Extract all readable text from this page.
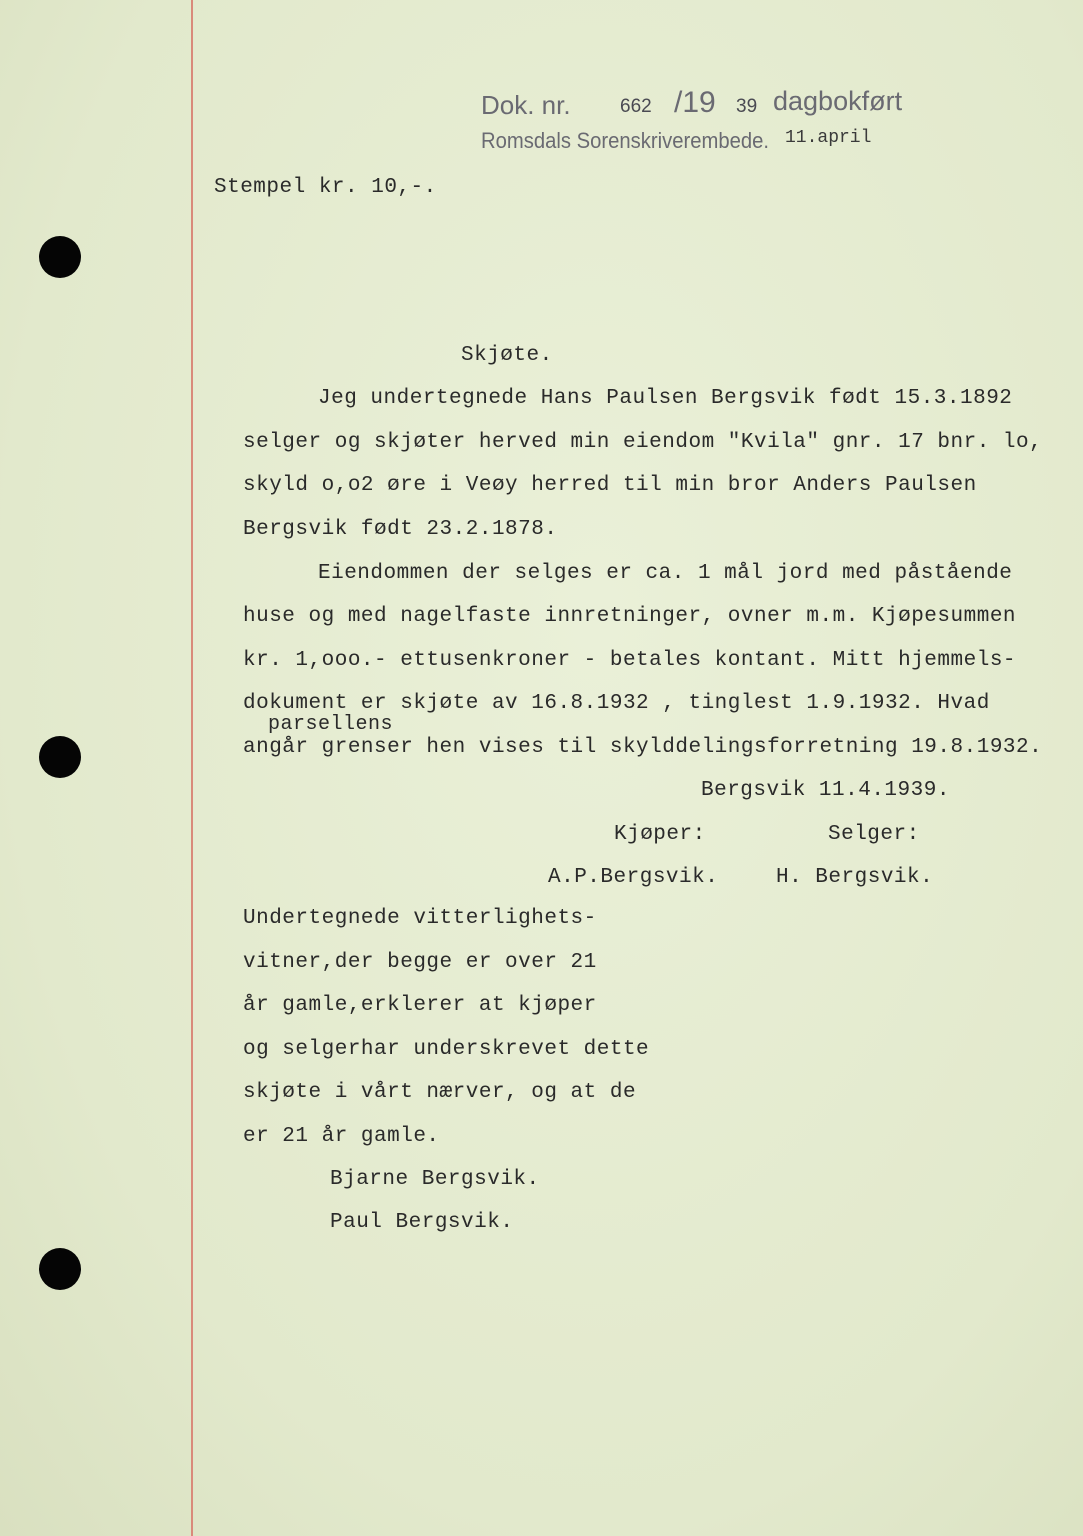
Dok. nr.	662 /19 39 dagbokført
Romsdals Sorenskriverembede. 11.april
Stempel kr. 10,-.
Skjøte.
Jeg undertegnede Hans Paulsen Bergsvik født 15.3.1892
selger og skjøter herved min eiendom "Kvila" gnr. 17 bnr. lo,
skyld o,o2 øre i Veøy herred til min bror Anders Paulsen
Bergsvik født 23.2.1878.
Eiendommen der selges er ca. 1 mål jord med påstående
huse og med nagelfaste innretninger, ovner m.m. Kjøpesummen
kr. 1,ooo.- ettusenkroner - betales kontant. Mitt hjemmels-
dokument er skjøte av 16.8.1932 , tinglest 1.9.1932. Hvad
parsellens
angår grenser hen vises til skylddelingsforretning 19.8.1932.
Bergsvik 11.4.1939.
Kjøper:	Selger:
A.P.Bergsvik.	H. Bergsvik.
Undertegnede vitterlighets-
vitner,der begge er over 21
år gamle,erklerer at kjøper
og selgerhar underskrevet dette
skjøte i vårt nærver, og at de
er 21 år gamle.
Bjarne Bergsvik.
Paul Bergsvik.
